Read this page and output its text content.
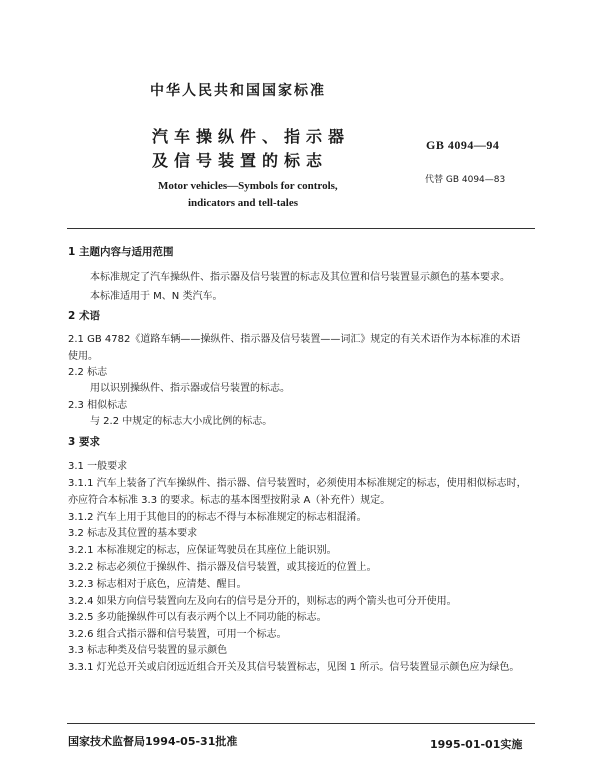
中华人民共和国国家标准
汽车操纵件、指示器
及信号装置的标志
GB 4094—94
代替 GB 4094—83
Motor vehicles—Symbols for controls,
indicators and tell-tales
1 主题内容与适用范围
本标准规定了汽车操纵件、指示器及信号装置的标志及其位置和信号装置显示颜色的基本要求。
本标准适用于 M、N 类汽车。
2 术语
2.1 GB 4782《道路车辆——操纵件、指示器及信号装置——词汇》规定的有关术语作为本标准的术语
使用。
2.2 标志
用以识别操纵件、指示器或信号装置的标志。
2.3 相似标志
与 2.2 中规定的标志大小成比例的标志。
3 要求
3.1 一般要求
3.1.1 汽车上装备了汽车操纵件、指示器、信号装置时，必须使用本标准规定的标志，使用相似标志时，
亦应符合本标准 3.3 的要求。标志的基本图型按附录 A（补充件）规定。
3.1.2 汽车上用于其他目的的标志不得与本标准规定的标志相混淆。
3.2 标志及其位置的基本要求
3.2.1 本标准规定的标志，应保证驾驶员在其座位上能识别。
3.2.2 标志必须位于操纵件、指示器及信号装置，或其接近的位置上。
3.2.3 标志相对于底色，应清楚、醒目。
3.2.4 如果方向信号装置向左及向右的信号是分开的，则标志的两个箭头也可分开使用。
3.2.5 多功能操纵件可以有表示两个以上不同功能的标志。
3.2.6 组合式指示器和信号装置，可用一个标志。
3.3 标志种类及信号装置的显示颜色
3.3.1 灯光总开关或启闭远近组合开关及其信号装置标志，见图 1 所示。信号装置显示颜色应为绿色。
国家技术监督局1994-05-31批准	1995-01-01实施
